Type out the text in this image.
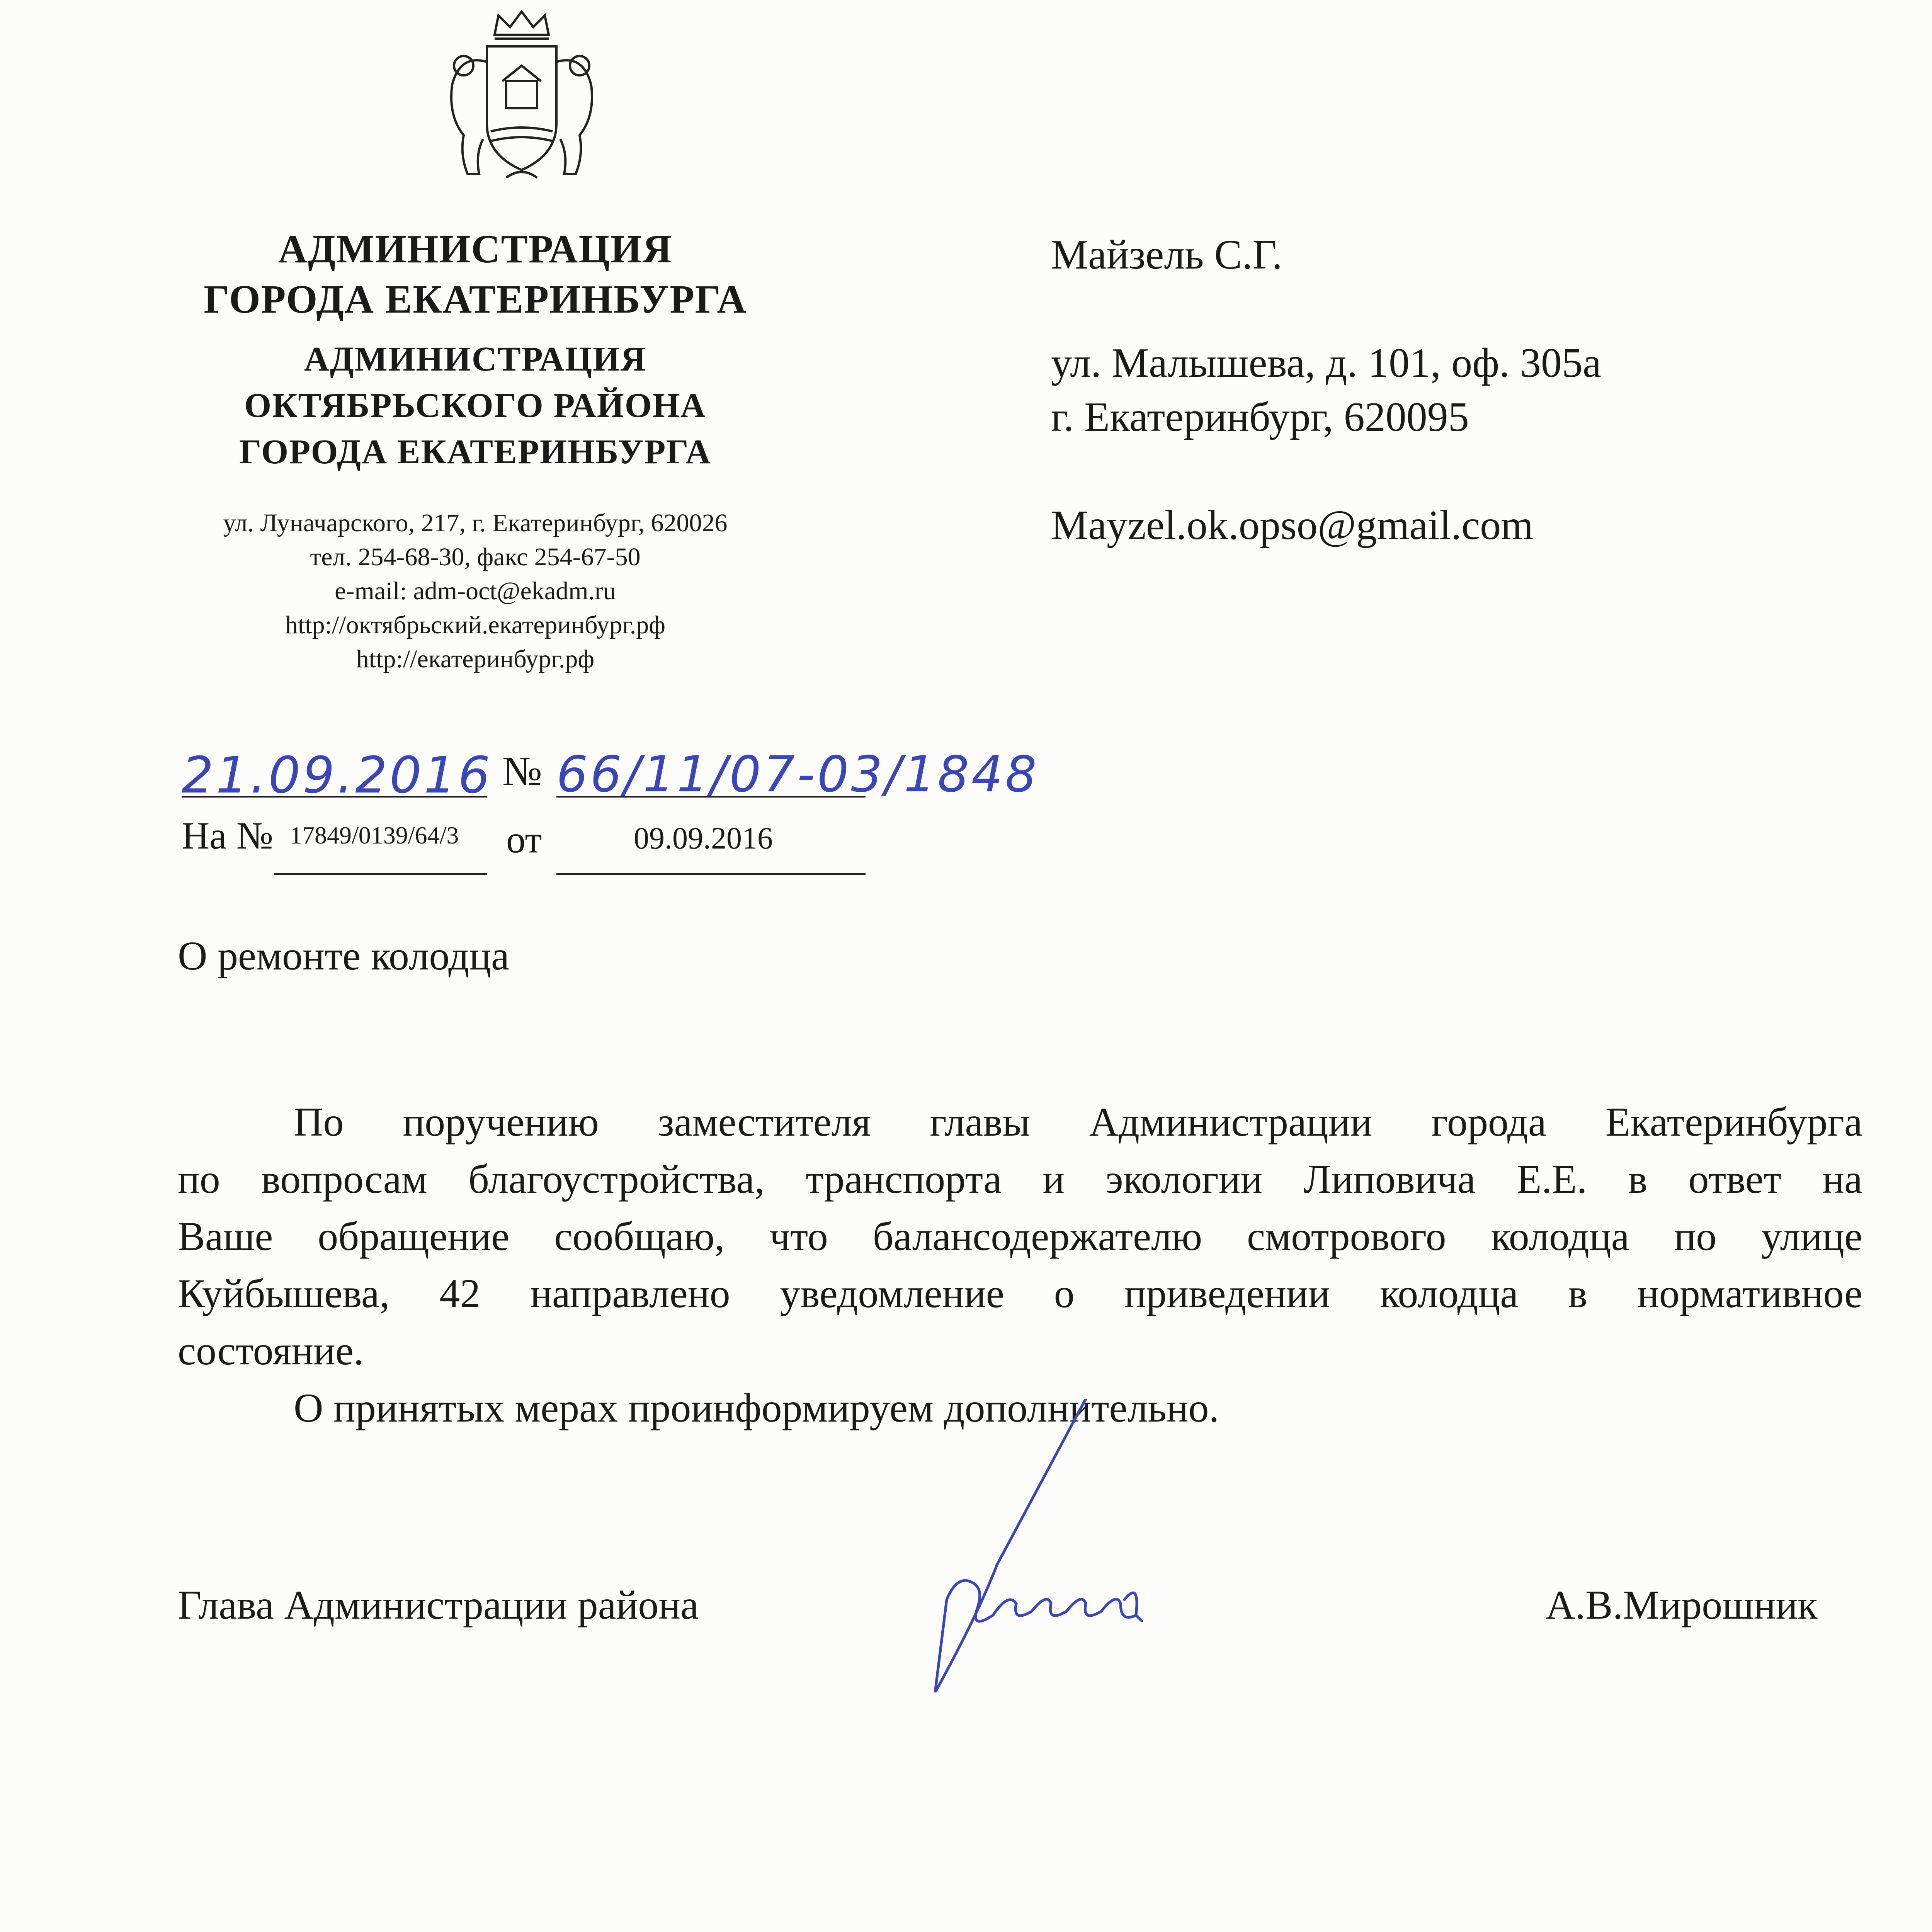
АДМИНИСТРАЦИЯ
ГОРОДА ЕКАТЕРИНБУРГА
АДМИНИСТРАЦИЯ
ОКТЯБРЬСКОГО РАЙОНА
ГОРОДА ЕКАТЕРИНБУРГА
ул. Луначарского, 217, г. Екатеринбург, 620026
тел. 254-68-30, факс 254-67-50
e-mail: adm-oct@ekadm.ru
http://октябрьский.екатеринбург.рф
http://екатеринбург.рф
Майзель С.Г.
ул. Малышева, д. 101, оф. 305а
г. Екатеринбург, 620095
Mayzel.ok.opso@gmail.com
21.09.2016 № 66/11/07-03/1848
На № 17849/0139/64/3 от	09.09.2016
О ремонте колодца

По поручению заместителя главы Администрации города Екатеринбурга

по вопросам благоустройства, транспорта и экологии Липовича Е.Е. в ответ на

Ваше обращение сообщаю, что балансодержателю смотрового колодца по улице

Куйбышева, 42 направлено уведомление о приведении колодца в нормативное

состояние.

О принятых мерах проинформируем дополнительно.

Глава Администрации района	А.В.Мирошник
